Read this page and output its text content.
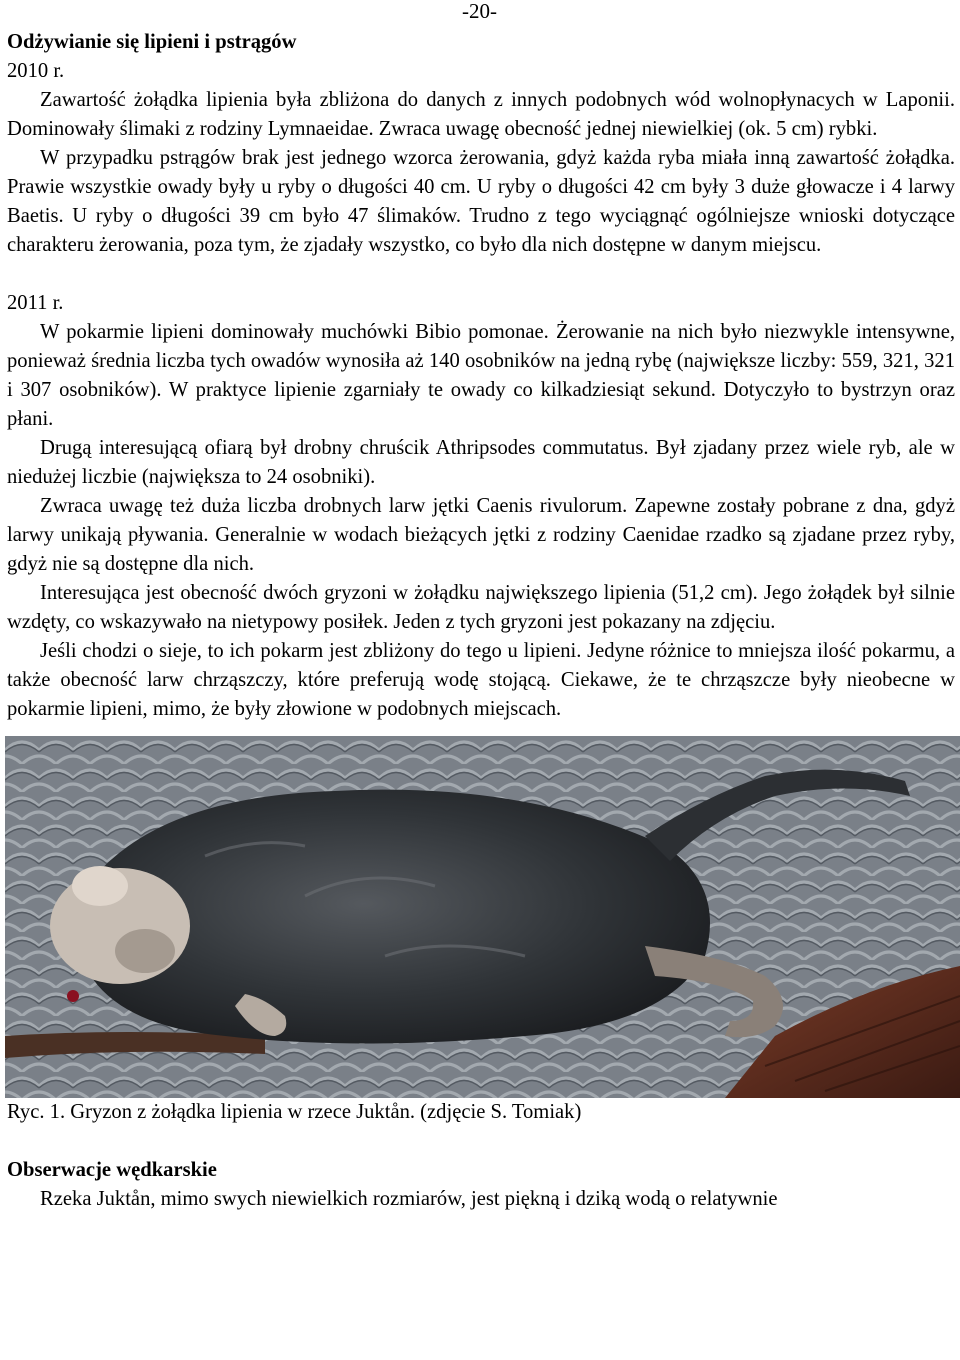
-20-

Odżywianie się lipieni i pstrągów

2010 r.

Zawartość żołądka lipienia była zbliżona do danych z innych podobnych wód wolnopłynacych w Laponii. Dominowały ślimaki z rodziny Lymnaeidae. Zwraca uwagę obecność jednej niewielkiej (ok. 5 cm) rybki.

W przypadku pstrągów brak jest jednego wzorca żerowania, gdyż każda ryba miała inną zawartość żołądka. Prawie wszystkie owady były u ryby o długości 40 cm. U ryby o długości 42 cm były 3 duże głowacze i 4 larwy Baetis. U ryby o długości 39 cm było 47 ślimaków. Trudno z tego wyciągnąć ogólniejsze wnioski dotyczące charakteru żerowania, poza tym, że zjadały wszystko, co było dla nich dostępne w danym miejscu.

2011 r.

W pokarmie lipieni dominowały muchówki Bibio pomonae. Żerowanie na nich było niezwykle intensywne, ponieważ średnia liczba tych owadów wynosiła aż 140 osobników na jedną rybę (największe liczby: 559, 321, 321 i 307 osobników). W praktyce lipienie zgarniały te owady co kilkadziesiąt sekund. Dotyczyło to bystrzyn oraz płani.

Drugą interesującą ofiarą był drobny chruścik Athripsodes commutatus. Był zjadany przez wiele ryb, ale w niedużej liczbie (największa to 24 osobniki).

Zwraca uwagę też duża liczba drobnych larw jętki Caenis rivulorum. Zapewne zostały pobrane z dna, gdyż larwy unikają pływania. Generalnie w wodach bieżących jętki z rodziny Caenidae rzadko są zjadane przez ryby, gdyż nie są dostępne dla nich.

Interesująca jest obecność dwóch gryzoni w żołądku największego lipienia (51,2 cm). Jego żołądek był silnie wzdęty, co wskazywało na nietypowy posiłek. Jeden z tych gryzoni jest pokazany na zdjęciu.

Jeśli chodzi o sieje, to ich pokarm jest zbliżony do tego u lipieni. Jedyne różnice to mniejsza ilość pokarmu, a także obecność larw chrząszczy, które preferują wodę stojącą. Ciekawe, że te chrząszcze były nieobecne w pokarmie lipieni, mimo, że były złowione w podobnych miejscach.

Ryc. 1. Gryzon z żołądka lipienia w rzece Juktån. (zdjęcie S. Tomiak)

Obserwacje wędkarskie

Rzeka Juktån, mimo swych niewielkich rozmiarów, jest piękną i dziką wodą o relatywnie
